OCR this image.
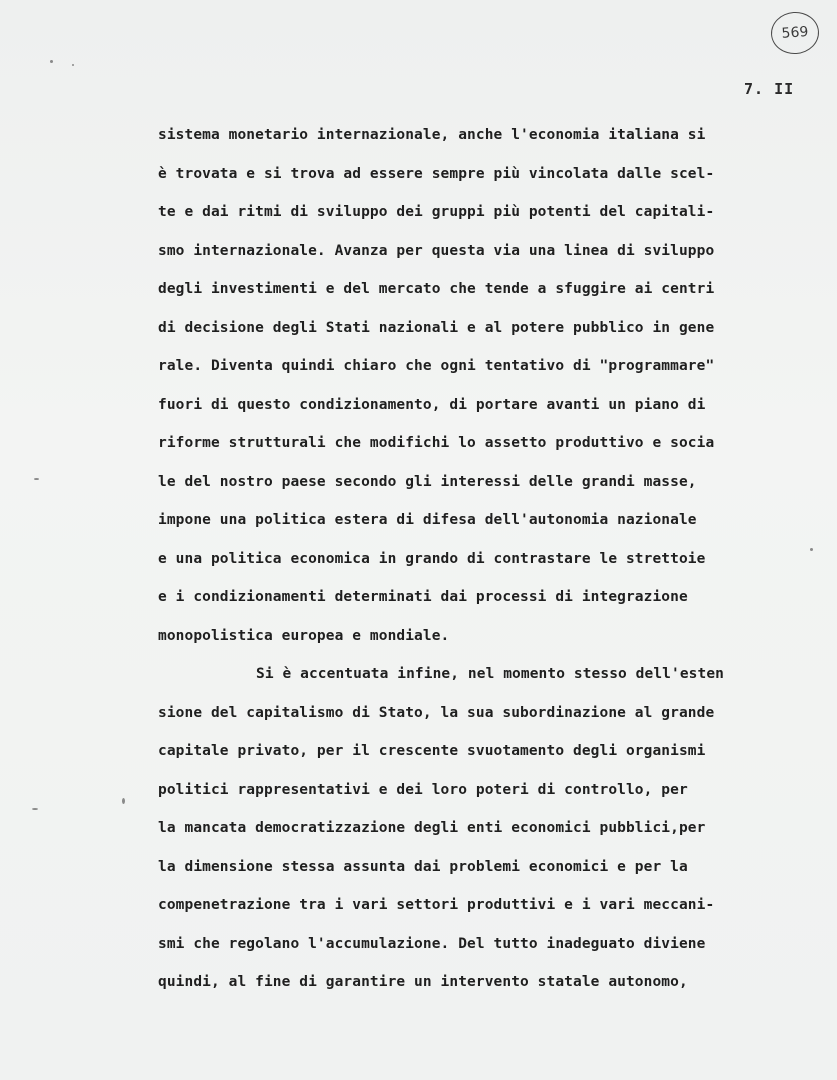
569
7. II
sistema monetario internazionale, anche l'economia italiana si
è trovata e si trova ad essere sempre più vincolata dalle scel-
te e dai ritmi di sviluppo dei gruppi più potenti del capitali-
smo internazionale. Avanza per questa via una linea di sviluppo
degli investimenti e del mercato che tende a sfuggire ai centri
di decisione degli Stati nazionali e al potere pubblico in gene
rale. Diventa quindi chiaro che ogni tentativo di "programmare"
fuori di questo condizionamento, di portare avanti un piano di
riforme strutturali che modifichi lo assetto produttivo e socia
le del nostro paese secondo gli interessi delle grandi masse,
impone una politica estera di difesa dell'autonomia nazionale
e una politica economica in grando di contrastare le strettoie
e i condizionamenti determinati dai processi di integrazione
monopolistica europea e mondiale.
Si è accentuata infine, nel momento stesso dell'esten
sione del capitalismo di Stato, la sua subordinazione al grande
capitale privato, per il crescente svuotamento degli organismi
politici rappresentativi e dei loro poteri di controllo, per
la mancata democratizzazione degli enti economici pubblici,per
la dimensione stessa assunta dai problemi economici e per la
compenetrazione tra i vari settori produttivi e i vari meccani-
smi che regolano l'accumulazione. Del tutto inadeguato diviene
quindi, al fine di garantire un intervento statale autonomo,
